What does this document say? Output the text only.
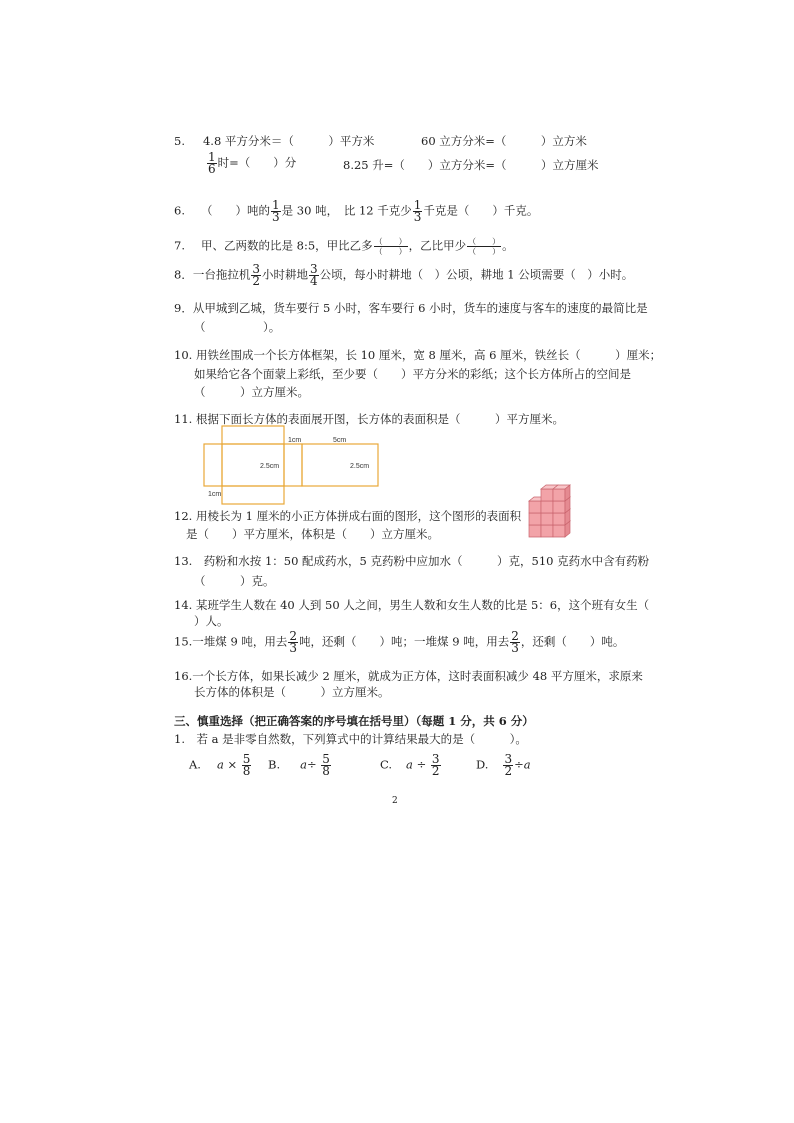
5. 4.8 平方分米＝（　　　）平方米	60 立方分米=（　　　）立方米
$\frac{1}{6}$ 时=（　　）分	8.25 升=（　　）立方分米=（　　　）立方厘米
6. （　　）吨的 $\frac{1}{3}$ 是 30 吨，　比 12 千克少 $\frac{1}{3}$ 千克是（　　）千克。
7. 甲、乙两数的比是 8:5，甲比乙多 （　　）
（　　） ，乙比甲少 （　　）
（　　） 。
8．一台拖拉机 $\frac{3}{2}$ 小时耕地 $\frac{3}{4}$ 公顷，每小时耕地（　）公顷，耕地 1 公顷需要（　）小时。
9．从甲城到乙城，货车要行 5 小时，客车要行 6 小时，货车的速度与客车的速度的最简比是
（　　　　　）。
10. 用铁丝围成一个长方体框架，长 10 厘米，宽 8 厘米，高 6 厘米，铁丝长（　　　）厘米；
如果给它各个面蒙上彩纸，至少要（　　）平方分米的彩纸；这个长方体所占的空间是
（　　　）立方厘米。
11. 根据下面长方体的表面展开图，长方体的表面积是（　　　）平方厘米。
1cm	5cm
2.5cm	2.5cm
1cm
12. 用棱长为 1 厘米的小正方体拼成右面的图形，这个图形的表面积
是（　　）平方厘米，体积是（　　）立方厘米。
13.　药粉和水按 1：50 配成药水，5 克药粉中应加水（　　　）克，510 克药水中含有药粉
（　　　）克。
14. 某班学生人数在 40 人到 50 人之间，男生人数和女生人数的比是 5：6，这个班有女生（
）人。
15.一堆煤 9 吨，用去 $\frac{2}{3}$ 吨，还剩（　　）吨；一堆煤 9 吨，用去 $\frac{2}{3}$ ，还剩（　　）吨。
16.一个长方体，如果长减少 2 厘米，就成为正方体，这时表面积减少 48 平方厘米，求原来
长方体的体积是（　　　）立方厘米。
三、慎重选择（把正确答案的序号填在括号里）（每题 1 分，共 6 分）
1.　若 a 是非零自然数，下列算式中的计算结果最大的是（　　　）。
A. $a \times \frac{5}{8} B$. $a\div \frac{5}{8}$	C. $a \div \frac{3}{2}$	D. $\frac{3}{2} \div a$
2
